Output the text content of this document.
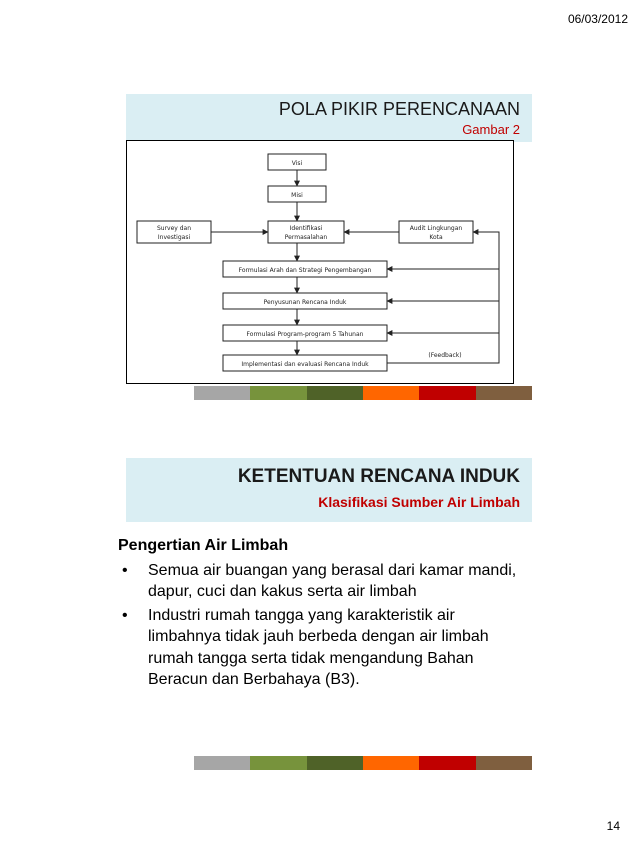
06/03/2012
POLA PIKIR PERENCANAAN
Gambar 2
Visi
Misi
Identifikasi
Permasalahan
Survey dan
Investigasi
Audit Lingkungan
Kota
Formulasi Arah dan Strategi Pengembangan
Penyusunan Rencana Induk
Formulasi Program-program 5 Tahunan
Implementasi dan evaluasi Rencana Induk
(Feedback)
KETENTUAN RENCANA INDUK
Klasifikasi Sumber Air Limbah
Pengertian Air Limbah
• Semua air buangan yang berasal dari kamar mandi, dapur, cuci dan kakus serta air limbah
• Industri rumah tangga yang karakteristik air limbahnya tidak jauh berbeda dengan air limbah rumah tangga serta tidak mengandung Bahan Beracun dan Berbahaya (B3).
14
